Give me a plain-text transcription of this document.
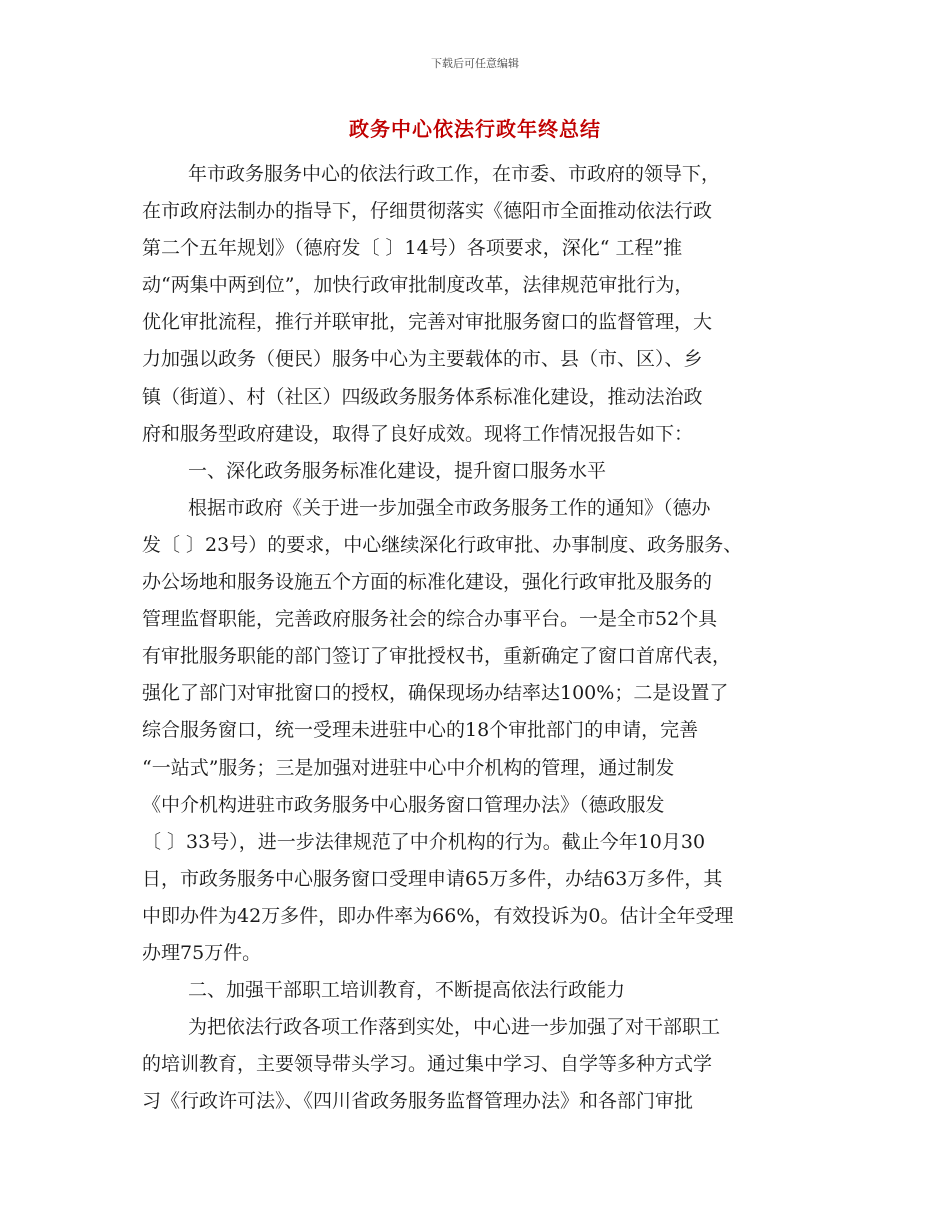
下载后可任意编辑
政务中心依法行政年终总结
年市政务服务中心的依法行政工作，在市委、市政府的领导下，
在市政府法制办的指导下，仔细贯彻落实《德阳市全面推动依法行政
第二个五年规划》（德府发〔 〕14号）各项要求，深化“ 工程”推
动“两集中两到位”，加快行政审批制度改革，法律规范审批行为，
优化审批流程，推行并联审批，完善对审批服务窗口的监督管理，大
力加强以政务（便民）服务中心为主要载体的市、县（市、区）、乡
镇（街道）、村（社区）四级政务服务体系标准化建设，推动法治政
府和服务型政府建设，取得了良好成效。现将工作情况报告如下：
一、深化政务服务标准化建设，提升窗口服务水平
根据市政府《关于进一步加强全市政务服务工作的通知》（德办
发〔 〕23号）的要求，中心继续深化行政审批、办事制度、政务服务、
办公场地和服务设施五个方面的标准化建设，强化行政审批及服务的
管理监督职能，完善政府服务社会的综合办事平台。一是全市52个具
有审批服务职能的部门签订了审批授权书，重新确定了窗口首席代表，
强化了部门对审批窗口的授权，确保现场办结率达100%；二是设置了
综合服务窗口，统一受理未进驻中心的18个审批部门的申请，完善
“一站式”服务；三是加强对进驻中心中介机构的管理，通过制发
《中介机构进驻市政务服务中心服务窗口管理办法》（德政服发
〔 〕33号），进一步法律规范了中介机构的行为。截止今年10月30
日，市政务服务中心服务窗口受理申请65万多件，办结63万多件，其
中即办件为42万多件，即办件率为66%，有效投诉为0。估计全年受理
办理75万件。
二、加强干部职工培训教育，不断提高依法行政能力
为把依法行政各项工作落到实处，中心进一步加强了对干部职工
的培训教育，主要领导带头学习。通过集中学习、自学等多种方式学
习《行政许可法》、《四川省政务服务监督管理办法》和各部门审批
